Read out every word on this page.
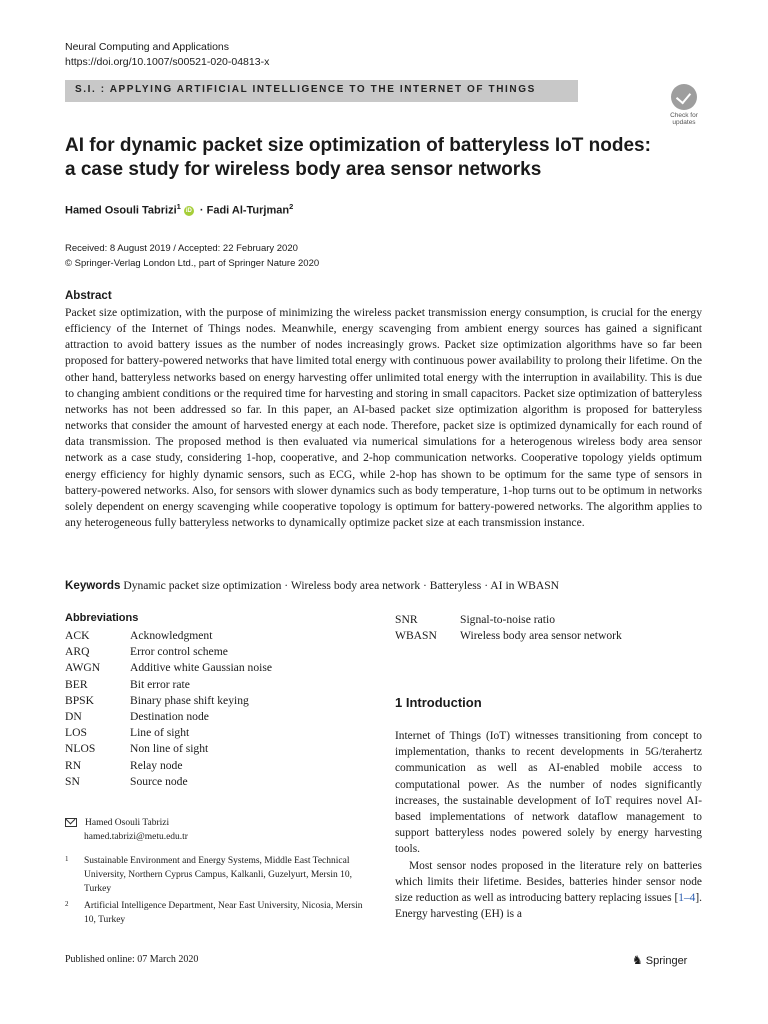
Neural Computing and Applications
https://doi.org/10.1007/s00521-020-04813-x
S.I. : APPLYING ARTIFICIAL INTELLIGENCE TO THE INTERNET OF THINGS
Check for
updates
AI for dynamic packet size optimization of batteryless IoT nodes:
a case study for wireless body area sensor networks
Hamed Osouli Tabrizi$^1$ iD · Fadi Al-Turjman$^2$
Received: 8 August 2019 / Accepted: 22 February 2020
© Springer-Verlag London Ltd., part of Springer Nature 2020
Abstract
Packet size optimization, with the purpose of minimizing the wireless packet transmission energy consumption, is crucial for the energy efficiency of the Internet of Things nodes. Meanwhile, energy scavenging from ambient energy sources has gained a significant attraction to avoid battery issues as the number of nodes increasingly grows. Packet size optimization algorithms have so far been proposed for battery-powered networks that have limited total energy with continuous power availability to prolong their lifetime. On the other hand, batteryless networks based on energy harvesting offer unlimited total energy with the interruption in availability. This is due to changing ambient conditions or the required time for harvesting and storing in small capacitors. Packet size optimization of batteryless networks has not been addressed so far. In this paper, an AI-based packet size optimization algorithm is proposed for batteryless networks that consider the amount of harvested energy at each node. Therefore, packet size is optimized dynamically for each round of data transmission. The proposed method is then evaluated via numerical simulations for a heterogenous wireless body area sensor network as a case study, considering 1-hop, cooperative, and 2-hop communication networks. Cooperative topology yields optimum energy efficiency for highly dynamic sensors, such as ECG, while 2-hop has shown to be optimum for the same type of sensors in battery-powered networks. Also, for sensors with slower dynamics such as body temperature, 1-hop turns out to be optimum in networks solely dependent on energy scavenging while cooperative topology is optimum for battery-powered networks. The algorithm applies to any heterogeneous fully batteryless networks to dynamically optimize packet size at each transmission instance.
Keywords Dynamic packet size optimization · Wireless body area network · Batteryless · AI in WBASN
Abbreviations
ACK	Acknowledgment
ARQ	Error control scheme
AWGN	Additive white Gaussian noise
BER	Bit error rate
BPSK	Binary phase shift keying
DN	Destination node
LOS	Line of sight
NLOS	Non line of sight
RN	Relay node
SN	Source node
SNR	Signal-to-noise ratio
WBASN	Wireless body area sensor network
1 Introduction

Internet of Things (IoT) witnesses transitioning from concept to implementation, thanks to recent developments in 5G/terahertz communication as well as AI-enabled mobile access to computational power. As the number of nodes significantly increases, the sustainable development of IoT requires novel AI-based implementations of network dataflow management to support batteryless nodes powered solely by energy harvesting tools.

Most sensor nodes proposed in the literature rely on batteries which limits their lifetime. Besides, batteries hinder sensor node size reduction as well as introducing battery replacing issues [1–4]. Energy harvesting (EH) is a

Hamed Osouli Tabrizi
hamed.tabrizi@metu.edu.tr
1 Sustainable Environment and Energy Systems, Middle East Technical University, Northern Cyprus Campus, Kalkanli, Guzelyurt, Mersin 10, Turkey
2 Artificial Intelligence Department, Near East University, Nicosia, Mersin 10, Turkey
Published online: 07 March 2020	♞ Springer
